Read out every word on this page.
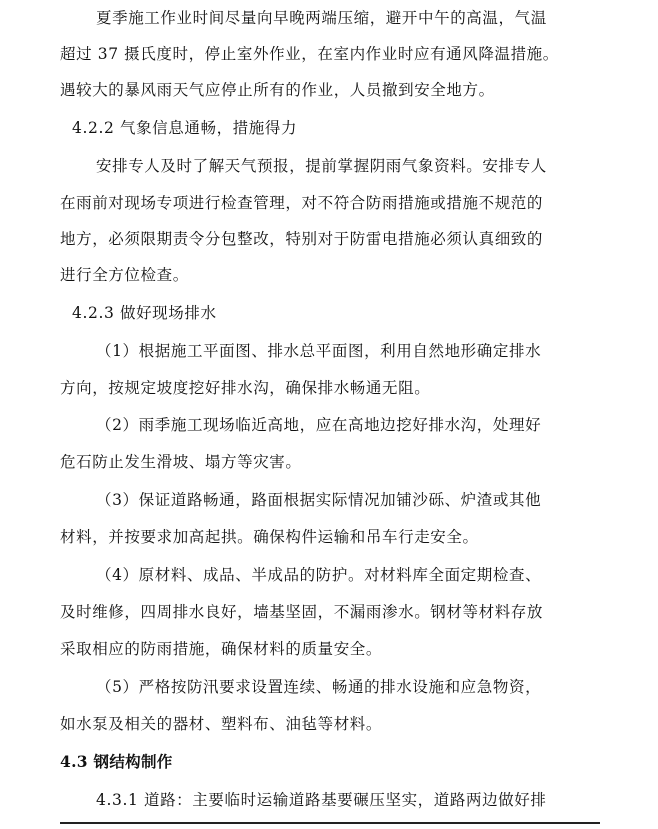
夏季施工作业时间尽量向早晚两端压缩，避开中午的高温，气温
超过 37 摄氏度时，停止室外作业，在室内作业时应有通风降温措施。
遇较大的暴风雨天气应停止所有的作业，人员撤到安全地方。
4.2.2 气象信息通畅，措施得力
安排专人及时了解天气预报，提前掌握阴雨气象资料。安排专人
在雨前对现场专项进行检查管理，对不符合防雨措施或措施不规范的
地方，必须限期责令分包整改，特别对于防雷电措施必须认真细致的
进行全方位检查。
4.2.3 做好现场排水
（1）根据施工平面图、排水总平面图，利用自然地形确定排水
方向，按规定坡度挖好排水沟，确保排水畅通无阻。
（2）雨季施工现场临近高地，应在高地边挖好排水沟，处理好
危石防止发生滑坡、塌方等灾害。
（3）保证道路畅通，路面根据实际情况加铺沙砾、炉渣或其他
材料，并按要求加高起拱。确保构件运输和吊车行走安全。
（4）原材料、成品、半成品的防护。对材料库全面定期检查、
及时维修，四周排水良好，墙基坚固，不漏雨渗水。钢材等材料存放
采取相应的防雨措施，确保材料的质量安全。
（5）严格按防汛要求设置连续、畅通的排水设施和应急物资，
如水泵及相关的器材、塑料布、油毡等材料。
4.3 钢结构制作
4.3.1 道路：主要临时运输道路基要碾压坚实，道路两边做好排
